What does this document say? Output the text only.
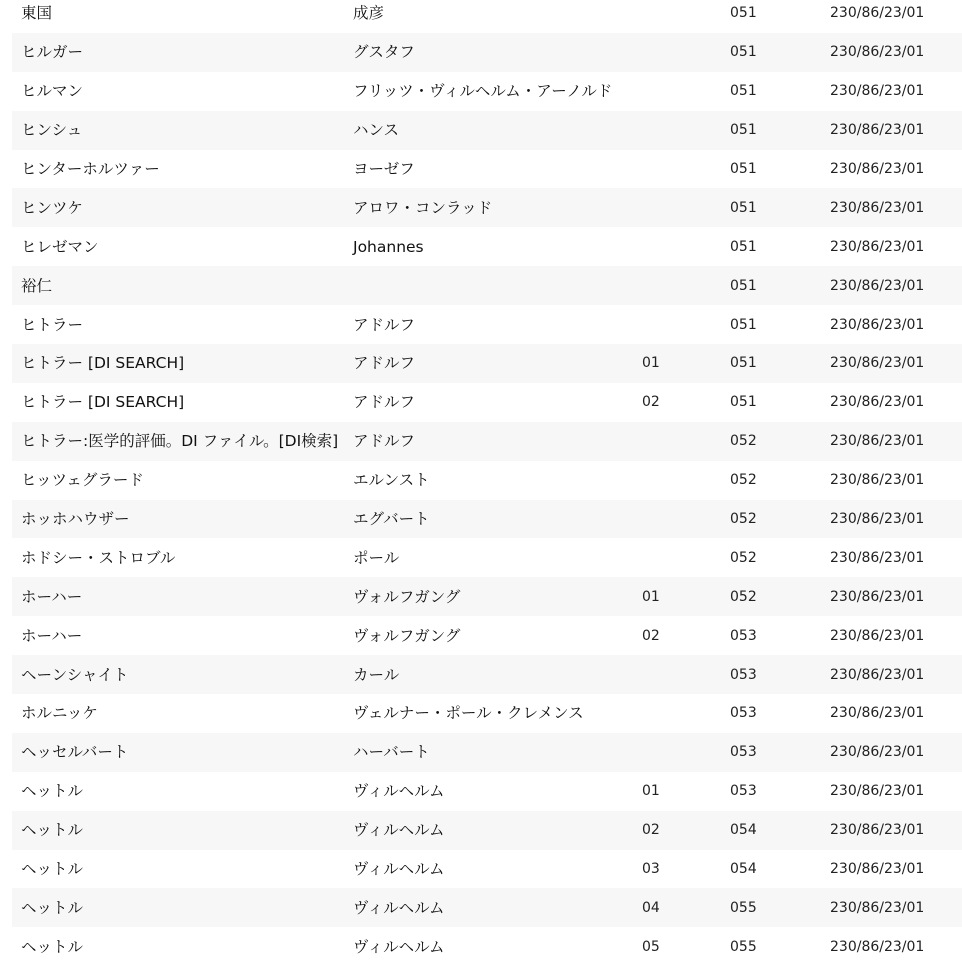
東国	成彦		051	230/86/23/01
ヒルガー	グスタフ		051	230/86/23/01
ヒルマン	フリッツ・ヴィルヘルム・アーノルド		051	230/86/23/01
ヒンシュ	ハンス		051	230/86/23/01
ヒンターホルツァー	ヨーゼフ		051	230/86/23/01
ヒンツケ	アロワ・コンラッド		051	230/86/23/01
ヒレゼマン	Johannes		051	230/86/23/01
裕仁			051	230/86/23/01
ヒトラー	アドルフ		051	230/86/23/01
ヒトラー [DI SEARCH]	アドルフ	01	051	230/86/23/01
ヒトラー [DI SEARCH]	アドルフ	02	051	230/86/23/01
ヒトラー:医学的評価。DI ファイル。[DI検索]	アドルフ		052	230/86/23/01
ヒッツェグラード	エルンスト		052	230/86/23/01
ホッホハウザー	エグバート		052	230/86/23/01
ホドシー・ストロブル	ポール		052	230/86/23/01
ホーハー	ヴォルフガング	01	052	230/86/23/01
ホーハー	ヴォルフガング	02	053	230/86/23/01
ヘーンシャイト	カール		053	230/86/23/01
ホルニッケ	ヴェルナー・ポール・クレメンス		053	230/86/23/01
ヘッセルバート	ハーバート		053	230/86/23/01
ヘットル	ヴィルヘルム	01	053	230/86/23/01
ヘットル	ヴィルヘルム	02	054	230/86/23/01
ヘットル	ヴィルヘルム	03	054	230/86/23/01
ヘットル	ヴィルヘルム	04	055	230/86/23/01
ヘットル	ヴィルヘルム	05	055	230/86/23/01
